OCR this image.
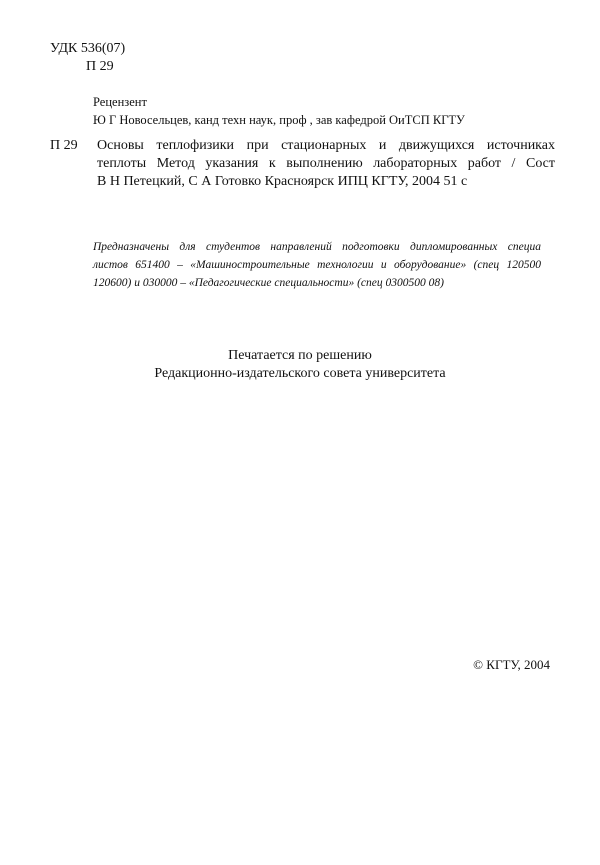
УДК 536(07)
П 29
Рецензент
Ю Г Новосельцев, канд техн наук, проф , зав кафедрой ОиТСП КГТУ
П 29	Основы теплофизики при стационарных и движущихся источниках
теплоты Метод указания к выполнению лабораторных работ / Сост
В Н Петецкий, С А Готовко Красноярск ИПЦ КГТУ, 2004 51 с
Предназначены для студентов направлений подготовки дипломированных специа
листов 651400 – «Машиностроительные технологии и оборудование» (спец 120500
120600) и 030000 – «Педагогические специальности» (спец 0300500 08)
Печатается по решению
Редакционно-издательского совета университета
© КГТУ, 2004
